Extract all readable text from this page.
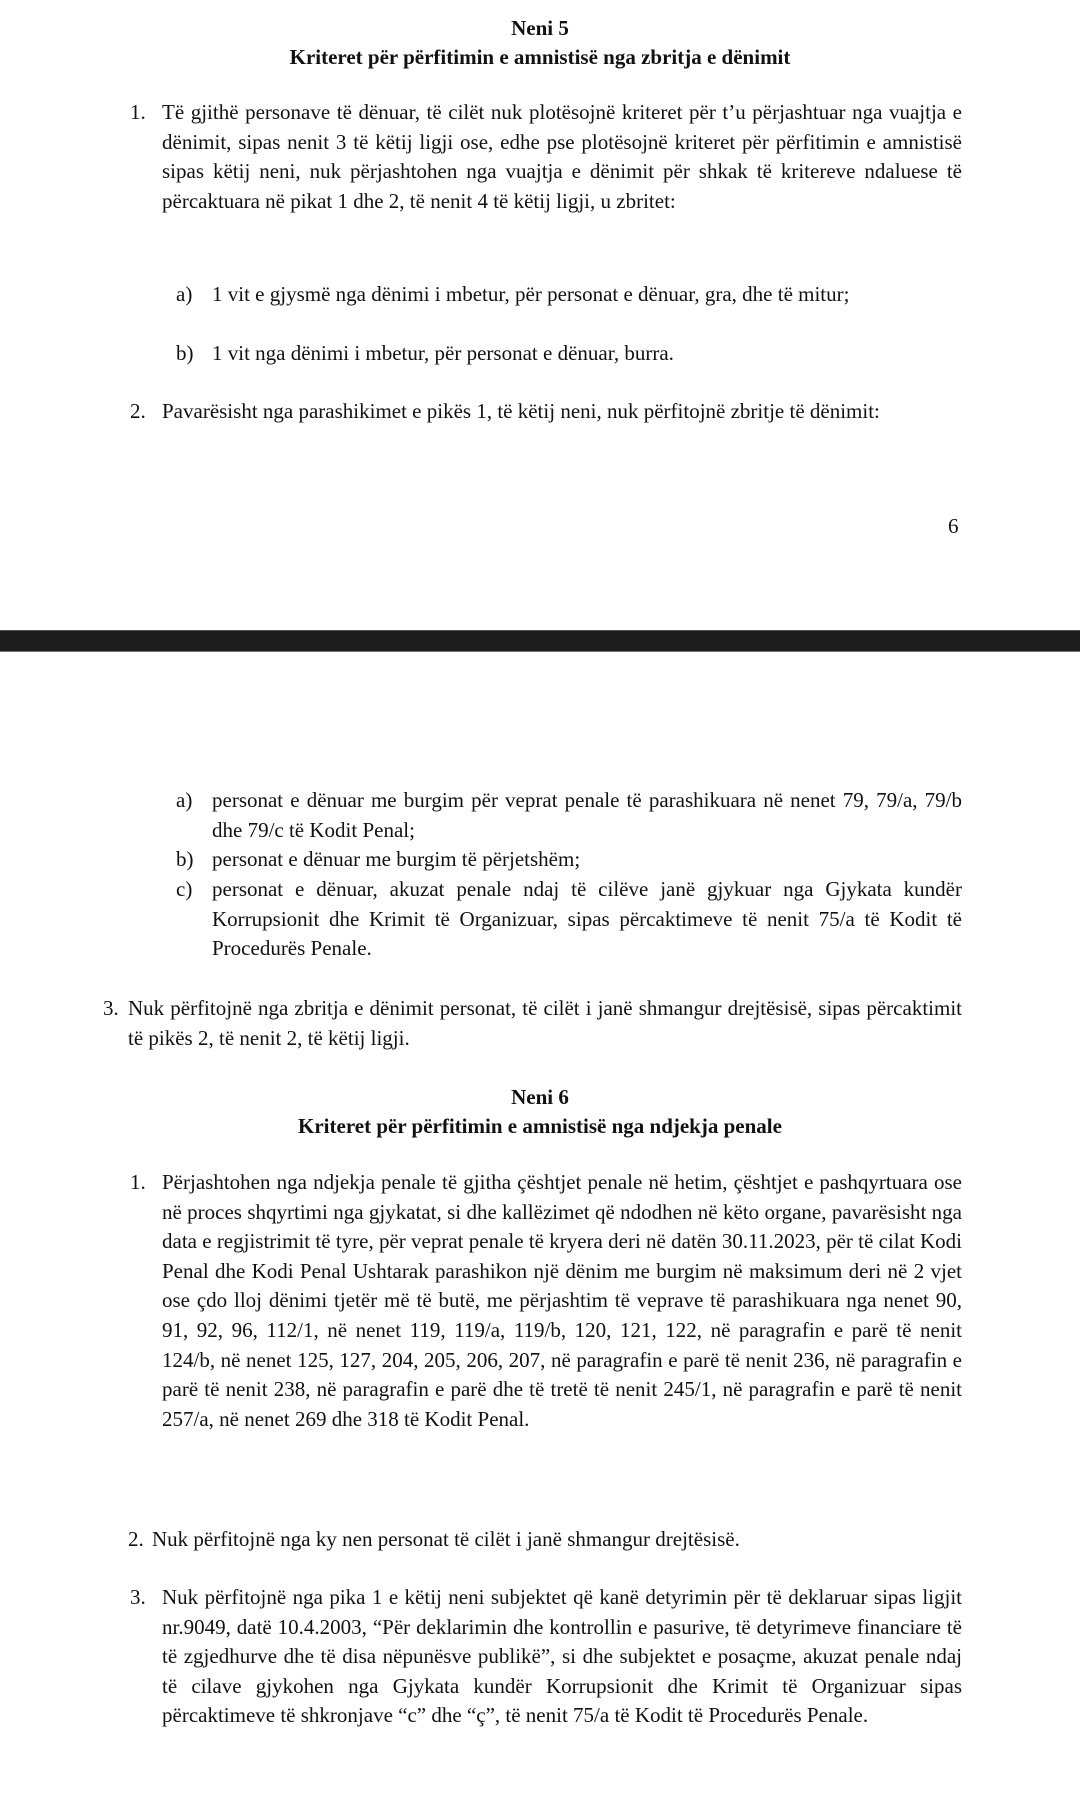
Neni 5
Kriteret për përfitimin e amnistisë nga zbritja e dënimit
1. Të gjithë personave të dënuar, të cilët nuk plotësojnë kriteret për t’u përjashtuar nga vuajtja e dënimit, sipas nenit 3 të këtij ligji ose, edhe pse plotësojnë kriteret për përfitimin e amnistisë sipas këtij neni, nuk përjashtohen nga vuajtja e dënimit për shkak të kritereve ndaluese të përcaktuara në pikat 1 dhe 2, të nenit 4 të këtij ligji, u zbritet:
a) 1 vit e gjysmë nga dënimi i mbetur, për personat e dënuar, gra, dhe të mitur;
b) 1 vit nga dënimi i mbetur, për personat e dënuar, burra.
2. Pavarësisht nga parashikimet e pikës 1, të këtij neni, nuk përfitojnë zbritje të dënimit:
6
a) personat e dënuar me burgim për veprat penale të parashikuara në nenet 79, 79/a, 79/b dhe 79/c të Kodit Penal;
b) personat e dënuar me burgim të përjetshëm;
c) personat e dënuar, akuzat penale ndaj të cilëve janë gjykuar nga Gjykata kundër Korrupsionit dhe Krimit të Organizuar, sipas përcaktimeve të nenit 75/a të Kodit të Procedurës Penale.
3. Nuk përfitojnë nga zbritja e dënimit personat, të cilët i janë shmangur drejtësisë, sipas përcaktimit të pikës 2, të nenit 2, të këtij ligji.
Neni 6
Kriteret për përfitimin e amnistisë nga ndjekja penale
1. Përjashtohen nga ndjekja penale të gjitha çështjet penale në hetim, çështjet e pashqyrtuara ose në proces shqyrtimi nga gjykatat, si dhe kallëzimet që ndodhen në këto organe, pavarësisht nga data e regjistrimit të tyre, për veprat penale të kryera deri në datën 30.11.2023, për të cilat Kodi Penal dhe Kodi Penal Ushtarak parashikon një dënim me burgim në maksimum deri në 2 vjet ose çdo lloj dënimi tjetër më të butë, me përjashtim të veprave të parashikuara nga nenet 90, 91, 92, 96, 112/1, në nenet 119, 119/a, 119/b, 120, 121, 122, në paragrafin e parë të nenit 124/b, në nenet 125, 127, 204, 205, 206, 207, në paragrafin e parë të nenit 236, në paragrafin e parë të nenit 238, në paragrafin e parë dhe të tretë të nenit 245/1, në paragrafin e parë të nenit 257/a, në nenet 269 dhe 318 të Kodit Penal.
2. Nuk përfitojnë nga ky nen personat të cilët i janë shmangur drejtësisë.
3. Nuk përfitojnë nga pika 1 e këtij neni subjektet që kanë detyrimin për të deklaruar sipas ligjit nr.9049, datë 10.4.2003, “Për deklarimin dhe kontrollin e pasurive, të detyrimeve financiare të të zgjedhurve dhe të disa nëpunësve publikë”, si dhe subjektet e posaçme, akuzat penale ndaj të cilave gjykohen nga Gjykata kundër Korrupsionit dhe Krimit të Organizuar sipas përcaktimeve të shkronjave “c” dhe “ç”, të nenit 75/a të Kodit të Procedurës Penale.
